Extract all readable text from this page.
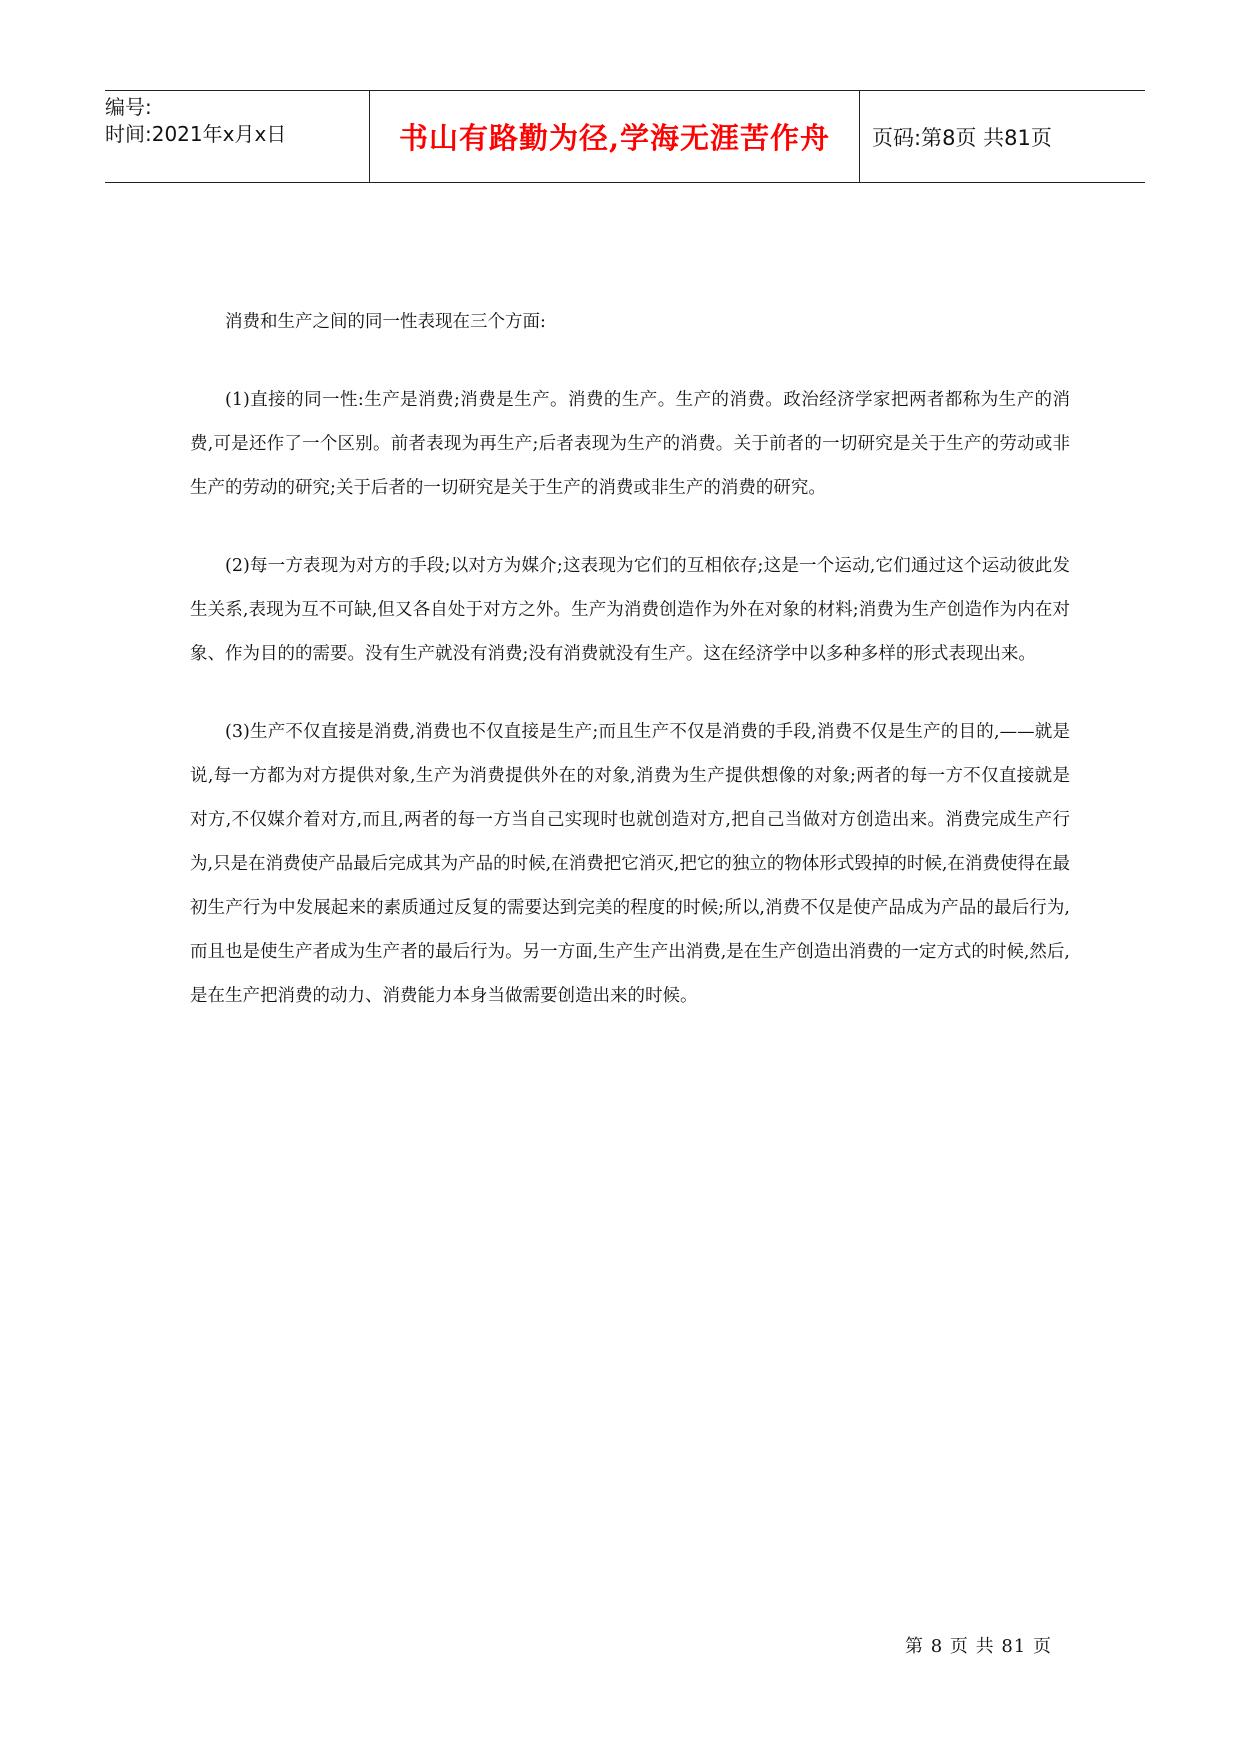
编号:
时间:2021年x月x日	书山有路勤为径,学海无涯苦作舟	页码:第8页 共81页

消费和生产之间的同一性表现在三个方面:

(1)直接的同一性:生产是消费;消费是生产。消费的生产。生产的消费。政治经济学家把两者都称为生产的消费,可是还作了一个区别。前者表现为再生产;后者表现为生产的消费。关于前者的一切研究是关于生产的劳动或非生产的劳动的研究;关于后者的一切研究是关于生产的消费或非生产的消费的研究。

(2)每一方表现为对方的手段;以对方为媒介;这表现为它们的互相依存;这是一个运动,它们通过这个运动彼此发生关系,表现为互不可缺,但又各自处于对方之外。生产为消费创造作为外在对象的材料;消费为生产创造作为内在对象、作为目的的需要。没有生产就没有消费;没有消费就没有生产。这在经济学中以多种多样的形式表现出来。

(3)生产不仅直接是消费,消费也不仅直接是生产;而且生产不仅是消费的手段,消费不仅是生产的目的,——就是说,每一方都为对方提供对象,生产为消费提供外在的对象,消费为生产提供想像的对象;两者的每一方不仅直接就是对方,不仅媒介着对方,而且,两者的每一方当自己实现时也就创造对方,把自己当做对方创造出来。消费完成生产行为,只是在消费使产品最后完成其为产品的时候,在消费把它消灭,把它的独立的物体形式毁掉的时候,在消费使得在最初生产行为中发展起来的素质通过反复的需要达到完美的程度的时候;所以,消费不仅是使产品成为产品的最后行为,而且也是使生产者成为生产者的最后行为。另一方面,生产生产出消费,是在生产创造出消费的一定方式的时候,然后,是在生产把消费的动力、消费能力本身当做需要创造出来的时候。

第 8 页 共 81 页
